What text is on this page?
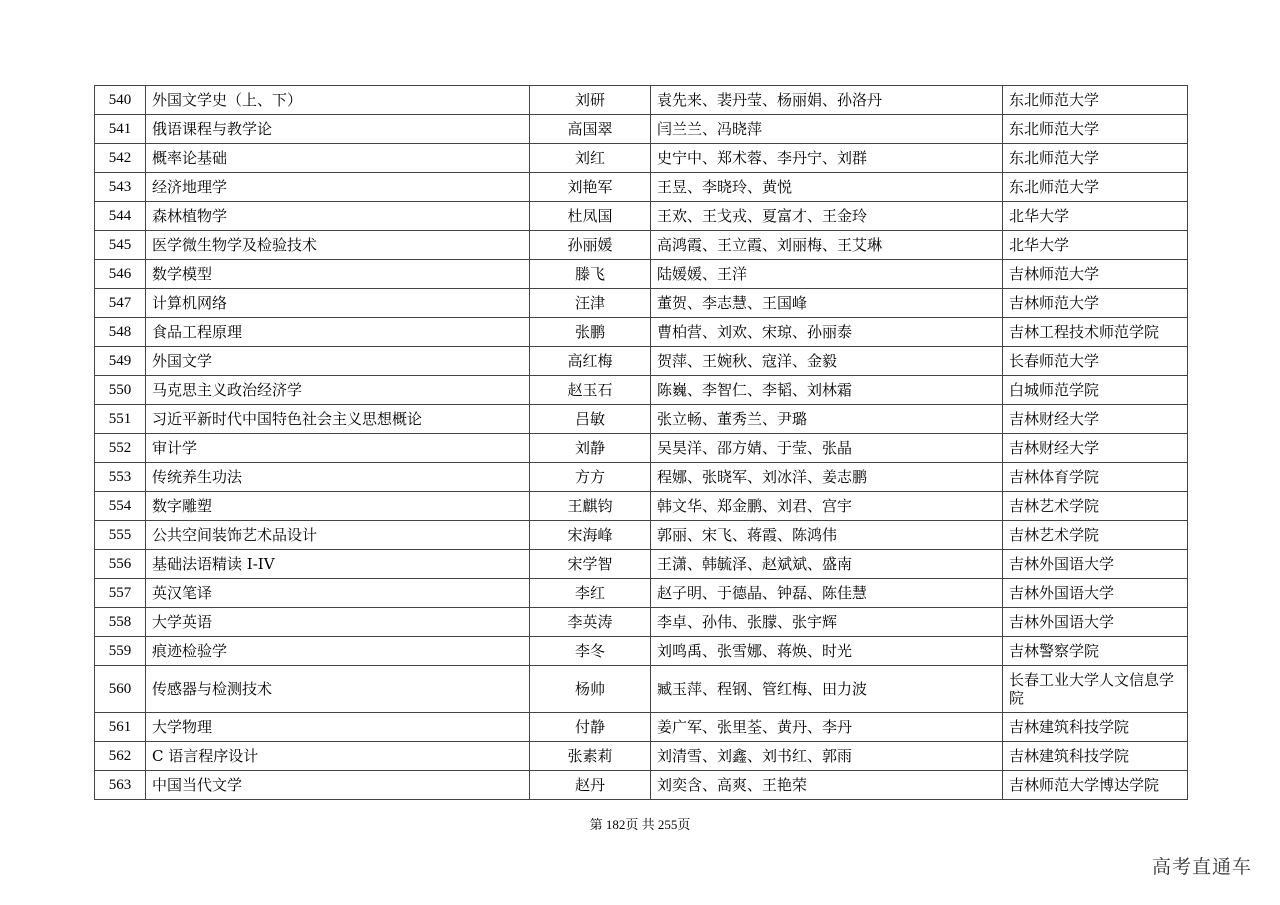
540	外国文学史（上、下）	刘研	袁先来、裴丹莹、杨丽娟、孙洛丹	东北师范大学
541	俄语课程与教学论	高国翠	闫兰兰、冯晓萍	东北师范大学
542	概率论基础	刘红	史宁中、郑术蓉、李丹宁、刘群	东北师范大学
543	经济地理学	刘艳军	王昱、李晓玲、黄悦	东北师范大学
544	森林植物学	杜凤国	王欢、王戈戎、夏富才、王金玲	北华大学
545	医学微生物学及检验技术	孙丽媛	高鸿霞、王立霞、刘丽梅、王艾琳	北华大学
546	数学模型	滕飞	陆媛媛、王洋	吉林师范大学
547	计算机网络	汪津	董贺、李志慧、王国峰	吉林师范大学
548	食品工程原理	张鹏	曹柏营、刘欢、宋琼、孙丽泰	吉林工程技术师范学院
549	外国文学	高红梅	贺萍、王婉秋、寇洋、金毅	长春师范大学
550	马克思主义政治经济学	赵玉石	陈巍、李智仁、李韬、刘林霜	白城师范学院
551	习近平新时代中国特色社会主义思想概论	吕敏	张立畅、董秀兰、尹璐	吉林财经大学
552	审计学	刘静	吴昊洋、邵方婧、于莹、张晶	吉林财经大学
553	传统养生功法	方方	程娜、张晓军、刘冰洋、姜志鹏	吉林体育学院
554	数字雕塑	王麒钧	韩文华、郑金鹏、刘君、宫宇	吉林艺术学院
555	公共空间装饰艺术品设计	宋海峰	郭丽、宋飞、蒋霞、陈鸿伟	吉林艺术学院
556	基础法语精读 I-IV	宋学智	王潇、韩毓泽、赵斌斌、盛南	吉林外国语大学
557	英汉笔译	李红	赵子明、于德晶、钟磊、陈佳慧	吉林外国语大学
558	大学英语	李英涛	李卓、孙伟、张朦、张宇辉	吉林外国语大学
559	痕迹检验学	李冬	刘鸣禹、张雪娜、蒋焕、时光	吉林警察学院
560	传感器与检测技术	杨帅	臧玉萍、程钢、管红梅、田力波	长春工业大学人文信息学院
561	大学物理	付静	姜广军、张里荃、黄丹、李丹	吉林建筑科技学院
562	C 语言程序设计	张素莉	刘清雪、刘鑫、刘书红、郭雨	吉林建筑科技学院
563	中国当代文学	赵丹	刘奕含、高爽、王艳荣	吉林师范大学博达学院
第 182页 共 255页
高考直通车
